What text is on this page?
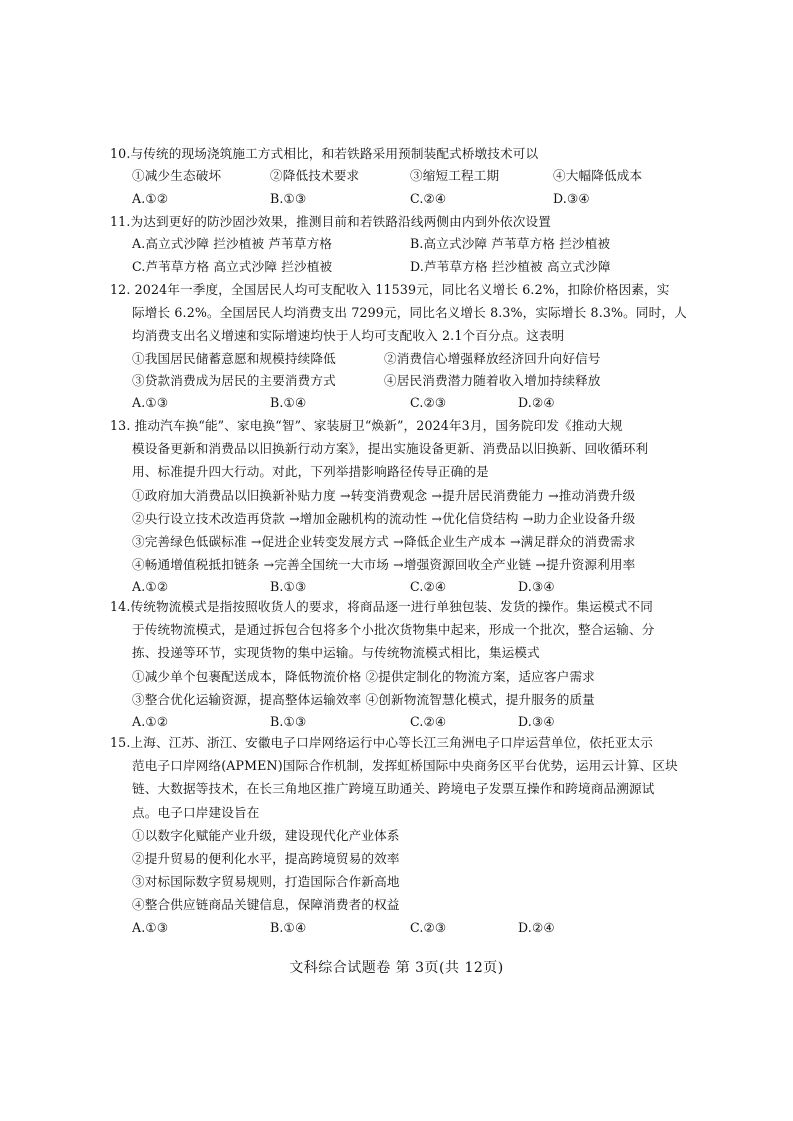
10.与传统的现场浇筑施工方式相比，和若铁路采用预制装配式桥墩技术可以
①减少生态破坏	②降低技术要求	③缩短工程工期	④大幅降低成本
A.①②	B.①③	C.②④	D.③④
11.为达到更好的防沙固沙效果，推测目前和若铁路沿线两侧由内到外依次设置
A.高立式沙障 拦沙植被 芦苇草方格	B.高立式沙障 芦苇草方格 拦沙植被
C.芦苇草方格 高立式沙障 拦沙植被	D.芦苇草方格 拦沙植被 高立式沙障
12. 2024年一季度，全国居民人均可支配收入 11539元，同比名义增长 6.2%，扣除价格因素，实
际增长 6.2%。全国居民人均消费支出 7299元，同比名义增长 8.3%，实际增长 8.3%。同时，人
均消费支出名义增速和实际增速均快于人均可支配收入 2.1个百分点。这表明
①我国居民储蓄意愿和规模持续降低	②消费信心增强释放经济回升向好信号
③贷款消费成为居民的主要消费方式	④居民消费潜力随着收入增加持续释放
A.①③	B.①④	C.②③	D.②④
13. 推动汽车换“能”、家电换“智”、家装厨卫“焕新”，2024年3月，国务院印发《推动大规
模设备更新和消费品以旧换新行动方案》，提出实施设备更新、消费品以旧换新、回收循环利
用、标准提升四大行动。对此，下列举措影响路径传导正确的是
①政府加大消费品以旧换新补贴力度 →转变消费观念 →提升居民消费能力 →推动消费升级
②央行设立技术改造再贷款 →增加金融机构的流动性 →优化信贷结构 →助力企业设备升级
③完善绿色低碳标准 →促进企业转变发展方式 →降低企业生产成本 →满足群众的消费需求
④畅通增值税抵扣链条 →完善全国统一大市场 →增强资源回收全产业链 →提升资源利用率
A.①②	B.①③	C.②④	D.③④
14.传统物流模式是指按照收货人的要求，将商品逐一进行单独包装、发货的操作。集运模式不同
于传统物流模式，是通过拆包合包将多个小批次货物集中起来，形成一个批次，整合运输、分
拣、投递等环节，实现货物的集中运输。与传统物流模式相比，集运模式
①减少单个包裹配送成本，降低物流价格 ②提供定制化的物流方案，适应客户需求
③整合优化运输资源，提高整体运输效率 ④创新物流智慧化模式，提升服务的质量
A.①②	B.①③	C.②④	D.③④
15.上海、江苏、浙江、安徽电子口岸网络运行中心等长江三角洲电子口岸运营单位，依托亚太示
范电子口岸网络(APMEN)国际合作机制，发挥虹桥国际中央商务区平台优势，运用云计算、区块
链、大数据等技术，在长三角地区推广跨境互助通关、跨境电子发票互操作和跨境商品溯源试
点。电子口岸建设旨在
①以数字化赋能产业升级，建设现代化产业体系
②提升贸易的便利化水平，提高跨境贸易的效率
③对标国际数字贸易规则，打造国际合作新高地
④整合供应链商品关键信息，保障消费者的权益
A.①③	B.①④	C.②③	D.②④
文科综合试题卷 第 3页(共 12页)
